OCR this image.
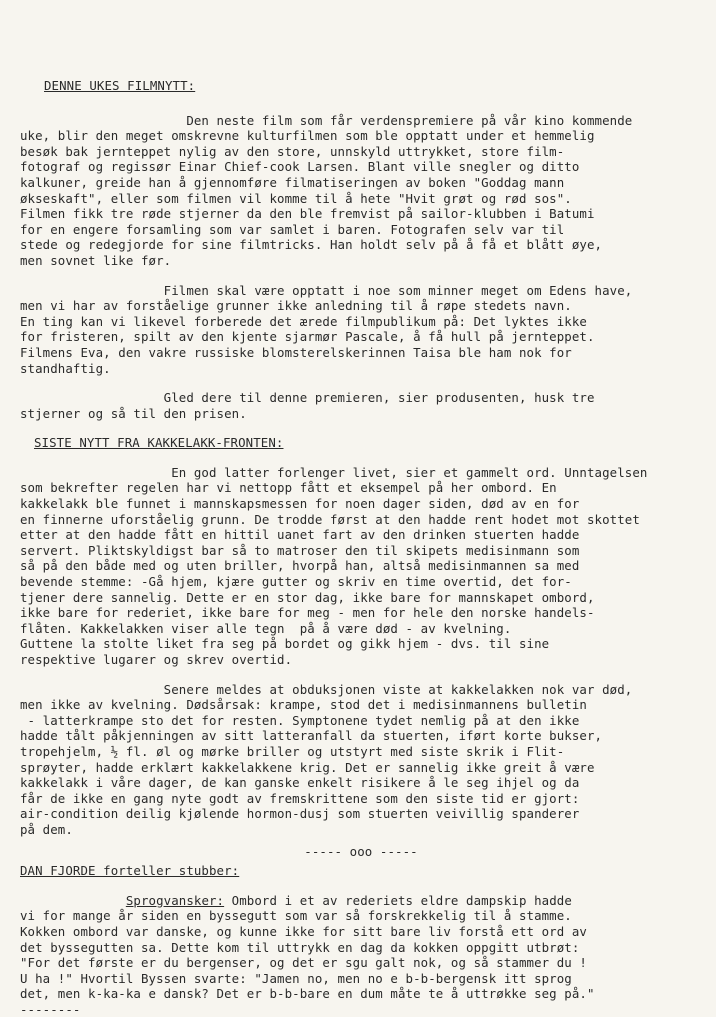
DENNE UKES FILMNYTT:
Den neste film som får verdenspremiere på vår kino kommende
uke, blir den meget omskrevne kulturfilmen som ble opptatt under et hemmelig
besøk bak jernteppet nylig av den store, unnskyld uttrykket, store film-
fotograf og regissør Einar Chief-cook Larsen. Blant ville snegler og ditto
kalkuner, greide han å gjennomføre filmatiseringen av boken "Goddag mann
økseskaft", eller som filmen vil komme til å hete "Hvit grøt og rød sos".
Filmen fikk tre røde stjerner da den ble fremvist på sailor-klubben i Batumi
for en engere forsamling som var samlet i baren. Fotografen selv var til
stede og redegjorde for sine filmtricks. Han holdt selv på å få et blått øye,
men sovnet like før.
Filmen skal være opptatt i noe som minner meget om Edens have,
men vi har av forståelige grunner ikke anledning til å røpe stedets navn.
En ting kan vi likevel forberede det ærede filmpublikum på: Det lyktes ikke
for fristeren, spilt av den kjente sjarmør Pascale, å få hull på jernteppet.
Filmens Eva, den vakre russiske blomsterelskerinnen Taisa ble ham nok for
standhaftig.
Gled dere til denne premieren, sier produsenten, husk tre
stjerner og så til den prisen.
SISTE NYTT FRA KAKKELAKK-FRONTEN:
En god latter forlenger livet, sier et gammelt ord. Unntagelsen
som bekrefter regelen har vi nettopp fått et eksempel på her ombord. En
kakkelakk ble funnet i mannskapsmessen for noen dager siden, død av en for
en finnerne uforståelig grunn. De trodde først at den hadde rent hodet mot skottet
etter at den hadde fått en hittil uanet fart av den drinken stuerten hadde
servert. Pliktskyldigst bar så to matroser den til skipets medisinmann som
så på den både med og uten briller, hvorpå han, altså medisinmannen sa med
bevende stemme: -Gå hjem, kjære gutter og skriv en time overtid, det for-
tjener dere sannelig. Dette er en stor dag, ikke bare for mannskapet ombord,
ikke bare for rederiet, ikke bare for meg - men for hele den norske handels-
flåten. Kakkelakken viser alle tegn  på å være død - av kvelning.
Guttene la stolte liket fra seg på bordet og gikk hjem - dvs. til sine
respektive lugarer og skrev overtid.
Senere meldes at obduksjonen viste at kakkelakken nok var død,
men ikke av kvelning. Dødsårsak: krampe, stod det i medisinmannens bulletin
- latterkrampe sto det for resten. Symptonene tydet nemlig på at den ikke
hadde tålt påkjenningen av sitt latteranfall da stuerten, iført korte bukser,
tropehjelm, ½ fl. øl og mørke briller og utstyrt med siste skrik i Flit-
sprøyter, hadde erklært kakkelakkene krig. Det er sannelig ikke greit å være
kakkelakk i våre dager, de kan ganske enkelt risikere å le seg ihjel og da
får de ikke en gang nyte godt av fremskrittene som den siste tid er gjort:
air-condition deilig kjølende hormon-dusj som stuerten veivillig spanderer
på dem.
----- ooo -----
DAN FJORDE forteller stubber:
Sprogvansker: Ombord i et av rederiets eldre dampskip hadde
vi for mange år siden en byssegutt som var så forskrekkelig til å stamme.
Kokken ombord var danske, og kunne ikke for sitt bare liv forstå ett ord av
det byssegutten sa. Dette kom til uttrykk en dag da kokken oppgitt utbrøt:
"For det første er du bergenser, og det er sgu galt nok, og så stammer du !
U ha !" Hvortil Byssen svarte: "Jamen no, men no e b-b-bergensk itt sprog
det, men k-ka-ka e dansk? Det er b-b-bare en dum måte te å uttrøkke seg på."
--------
